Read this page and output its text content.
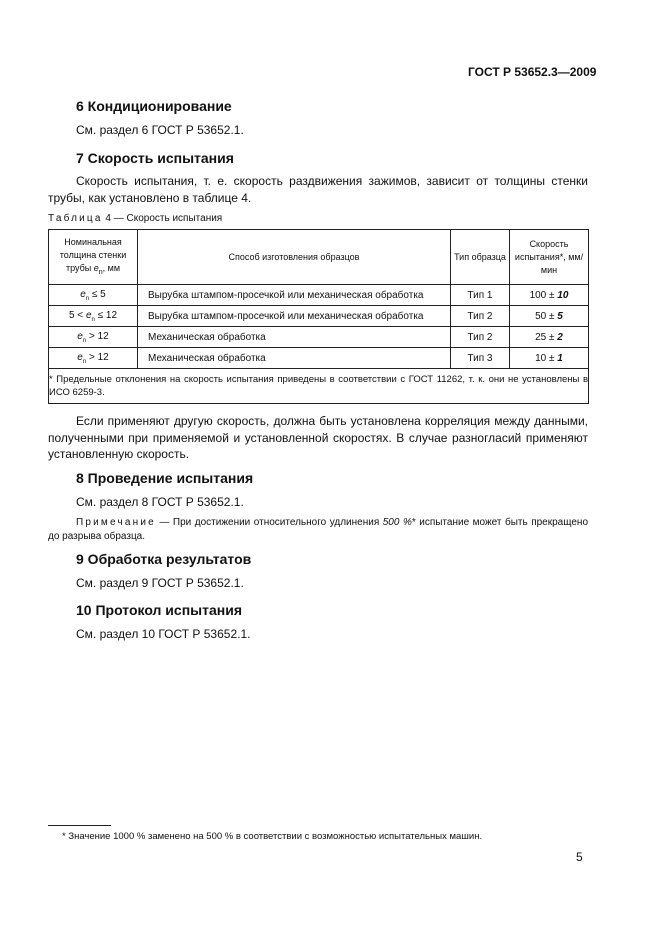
ГОСТ Р 53652.3—2009
6 Кондиционирование
См. раздел 6 ГОСТ Р 53652.1.
7 Скорость испытания
Скорость испытания, т. е. скорость раздвижения зажимов, зависит от толщины стенки трубы, как установлено в таблице 4.
Таблица 4 — Скорость испытания
Номинальная толщина стенки трубы $e_n$, мм	Способ изготовления образцов	Тип образца	Скорость испытания*, мм/мин
$e_n \le 5$	Вырубка штампом-просечкой или механическая обработка	Тип 1	100 ± 10
$5 < e_n \le 12$	Вырубка штампом-просечкой или механическая обработка	Тип 2	50 ± 5
$e_n > 12$	Механическая обработка	Тип 2	25 ± 2
$e_n > 12$	Механическая обработка	Тип 3	10 ± 1
* Предельные отклонения на скорость испытания приведены в соответствии с ГОСТ 11262, т. к. они не установлены в ИСО 6259-3.			
Если применяют другую скорость, должна быть установлена корреляция между данными, полученными при применяемой и установленной скоростях. В случае разногласий применяют установленную скорость.
8 Проведение испытания
См. раздел 8 ГОСТ Р 53652.1.
Примечание — При достижении относительного удлинения 500 %* испытание может быть прекращено до разрыва образца.
9 Обработка результатов
См. раздел 9 ГОСТ Р 53652.1.
10 Протокол испытания
См. раздел 10 ГОСТ Р 53652.1.
* Значение 1000 % заменено на 500 % в соответствии с возможностью испытательных машин.
5
